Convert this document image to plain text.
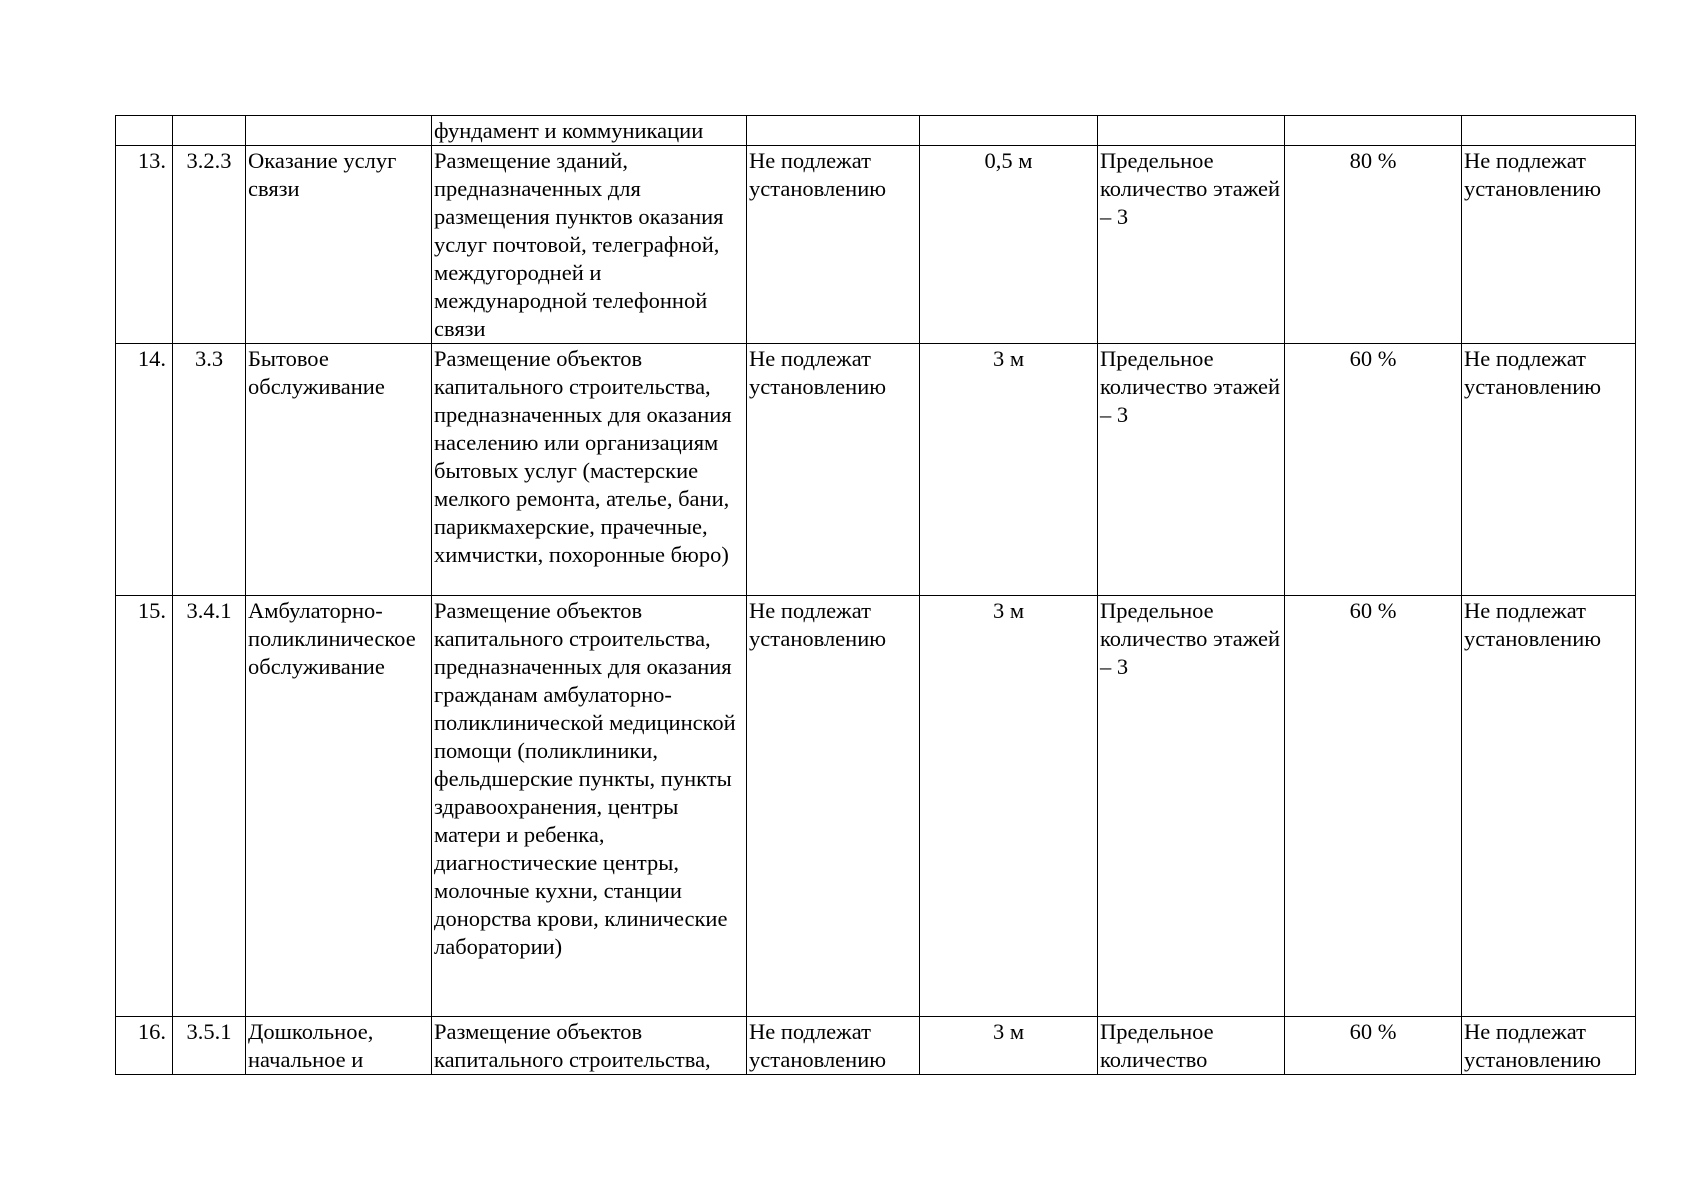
			фундамент и коммуникации					
13.	3.2.3	Оказание услуг связи	Размещение зданий, предназначенных для размещения пунктов оказания услуг почтовой, телеграфной, междугородней и международной телефонной связи	Не подлежат установлению	0,5 м	Предельное количество этажей – 3	80 %	Не подлежат установлению
14.	3.3	Бытовое обслуживание	Размещение объектов капитального строительства, предназначенных для оказания населению или организациям бытовых услуг (мастерские мелкого ремонта, ателье, бани, парикмахерские, прачечные, химчистки, похоронные бюро)	Не подлежат установлению	3 м	Предельное количество этажей – 3	60 %	Не подлежат установлению
15.	3.4.1	Амбулаторно-поликлиническое обслуживание	Размещение объектов капитального строительства, предназначенных для оказания гражданам амбулаторно-поликлинической медицинской помощи (поликлиники, фельдшерские пункты, пункты здравоохранения, центры матери и ребенка, диагностические центры, молочные кухни, станции донорства крови, клинические лаборатории)	Не подлежат установлению	3 м	Предельное количество этажей – 3	60 %	Не подлежат установлению
16.	3.5.1	Дошкольное, начальное и	Размещение объектов капитального строительства,	Не подлежат установлению	3 м	Предельное количество	60 %	Не подлежат установлению
